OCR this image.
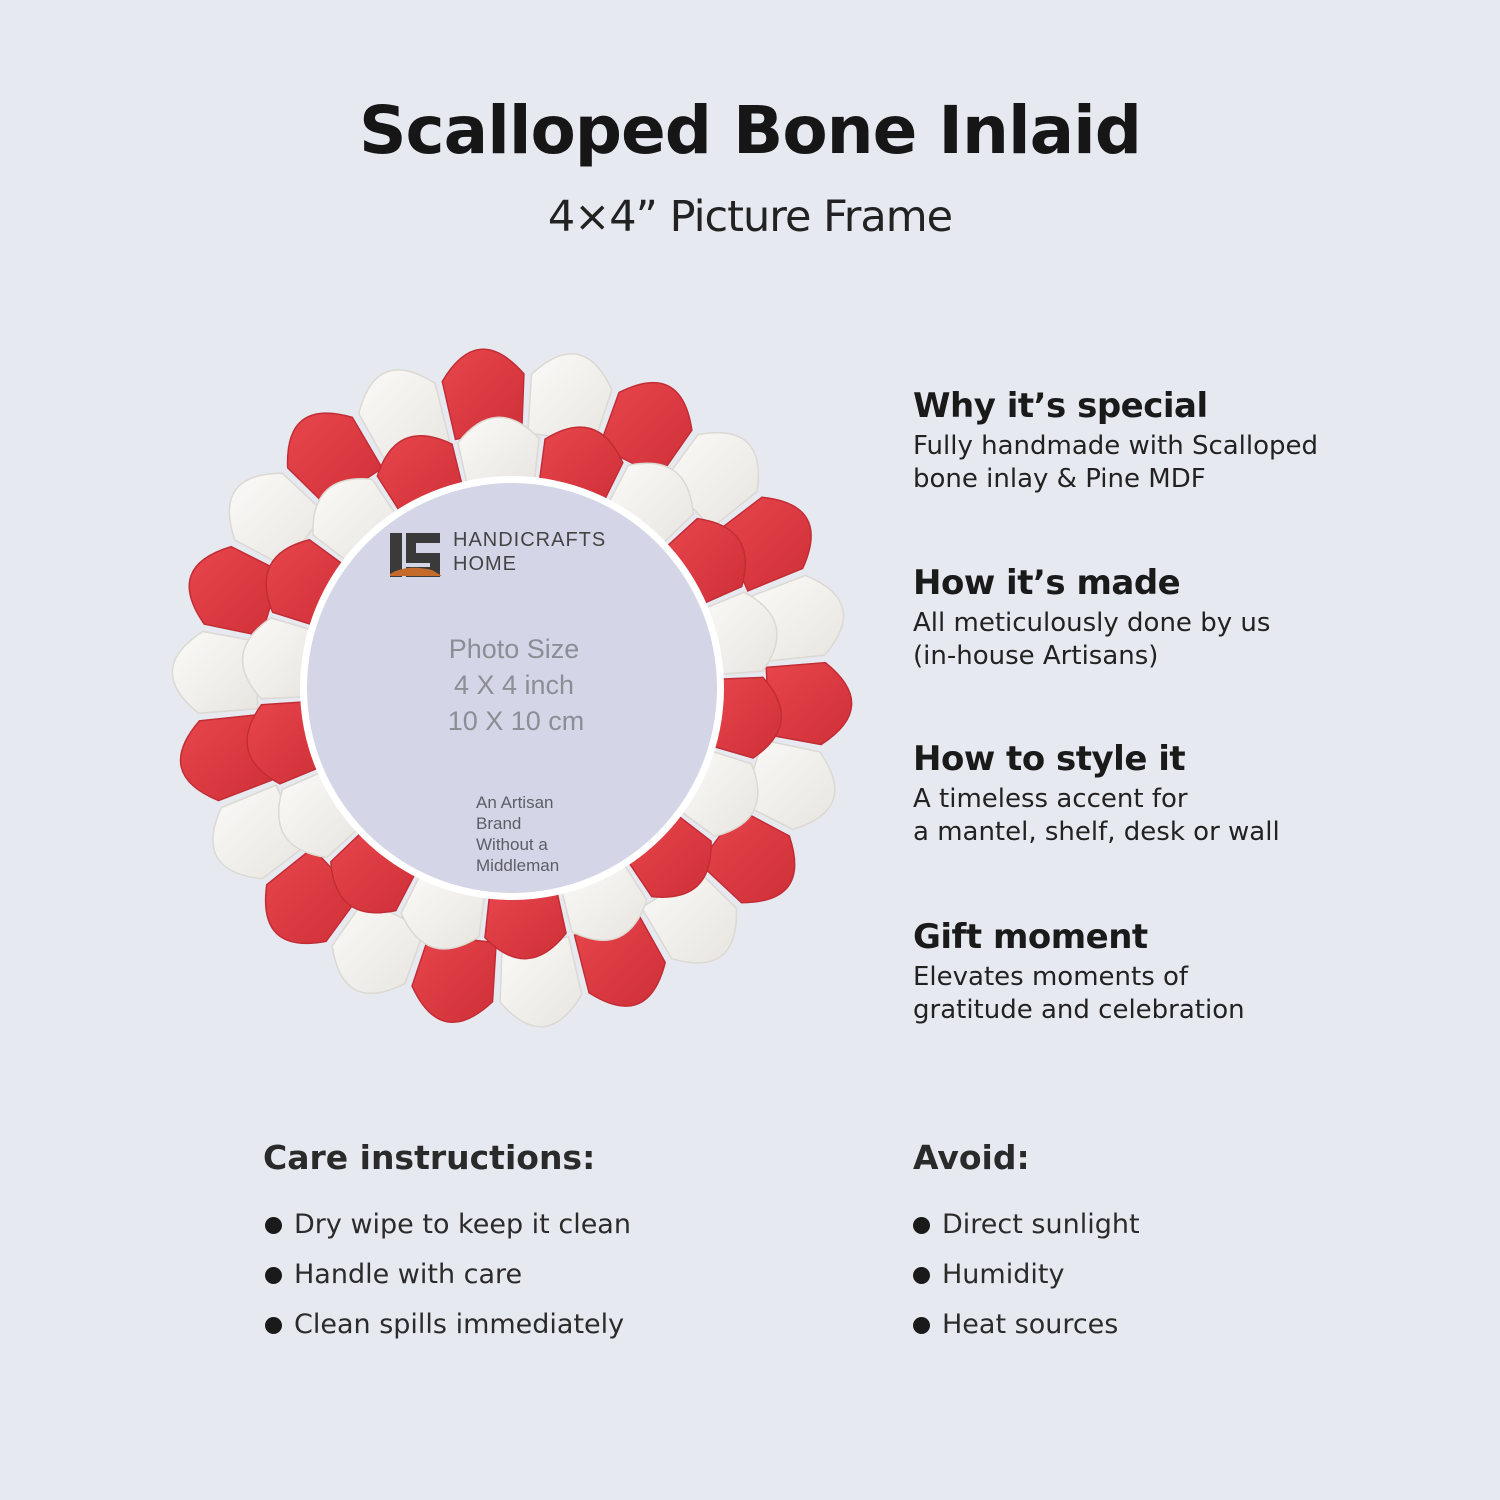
Scalloped Bone Inlaid
4×4” Picture Frame
HANDICRAFTS
HOME
Photo Size
4 X 4 inch
10 X 10 cm
An Artisan
Brand
Without a
Middleman
Why it’s special

Fully handmade with Scalloped
bone inlay & Pine MDF

How it’s made

All meticulously done by us
(in-house Artisans)

How to style it

A timeless accent for
a mantel, shelf, desk or wall

Gift moment

Elevates moments of
gratitude and celebration

Care instructions:
Dry wipe to keep it clean
Handle with care
Clean spills immediately
Avoid:
Direct sunlight
Humidity
Heat sources
